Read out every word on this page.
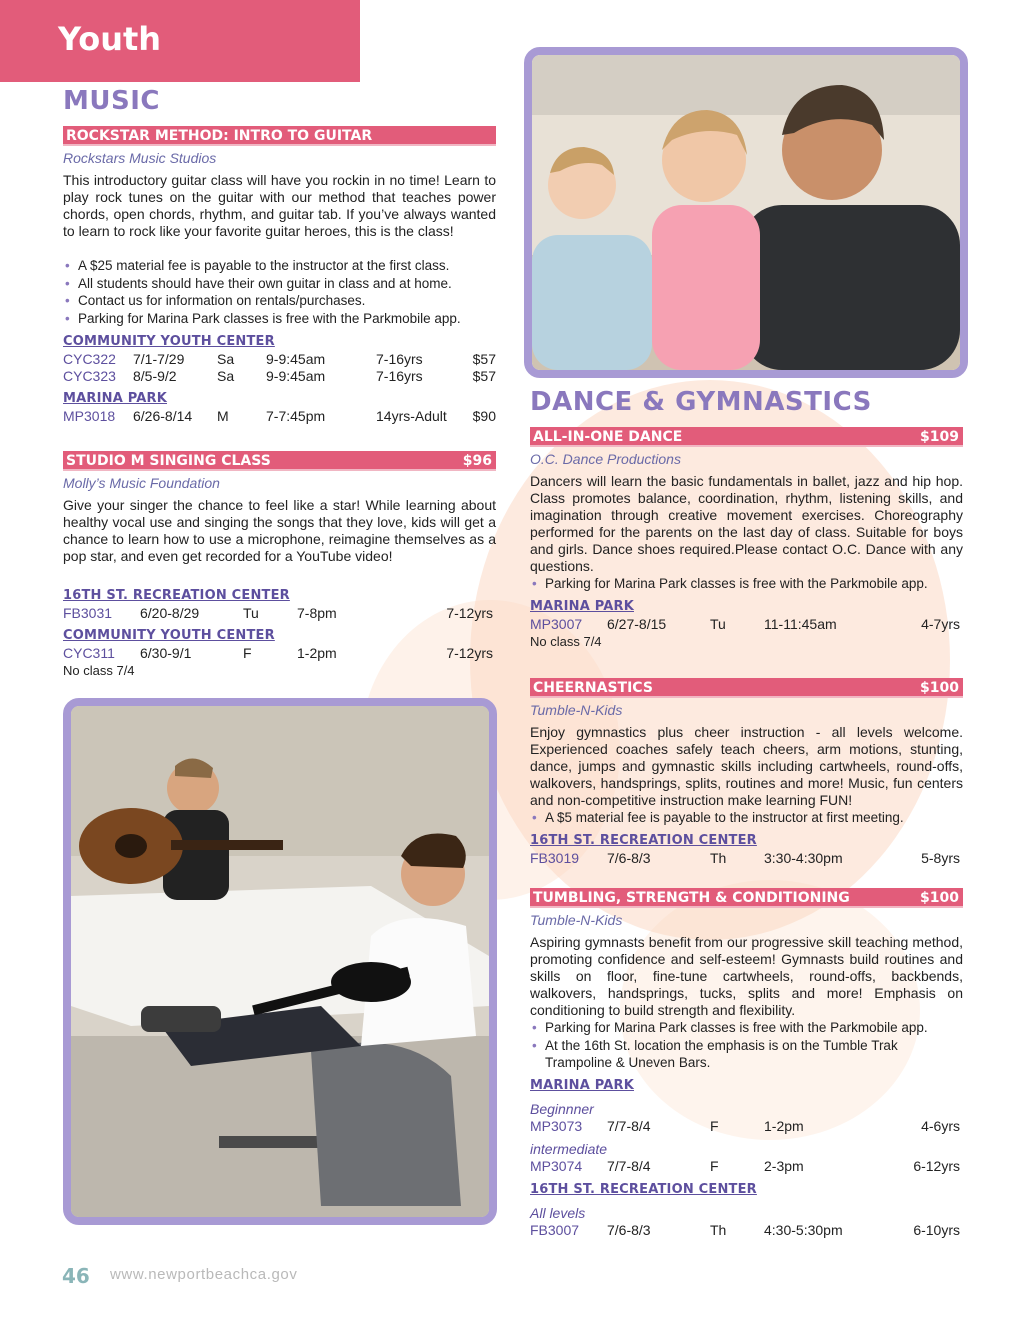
Youth
MUSIC
ROCKSTAR METHOD: INTRO TO GUITAR
Rockstars Music Studios
This introductory guitar class will have you rockin in no time! Learn to play rock tunes on the guitar with our method that teaches power chords, open chords, rhythm, and guitar tab. If you’ve always wanted to learn to rock like your favorite guitar heroes, this is the class!
• A $25 material fee is payable to the instructor at the first class.
• All students should have their own guitar in class and at home.
• Contact us for information on rentals/purchases.
• Parking for Marina Park classes is free with the Parkmobile app.
COMMUNITY YOUTH CENTER
CYC322 7/1-7/29 Sa 9-9:45am	7-16yrs	$57
CYC323 8/5-9/2	Sa 9-9:45am	7-16yrs	$57
MARINA PARK
MP3018 6/26-8/14 M	7-7:45pm	14yrs-Adult $90
STUDIO M SINGING CLASS	$96
Molly’s Music Foundation
Give your singer the chance to feel like a star! While learning about healthy vocal use and singing the songs that they love, kids will get a chance to learn how to use a microphone, reimagine themselves as a pop star, and even get recorded for a YouTube video!
16TH ST. RECREATION CENTER
FB3031 6/20-8/29	Tu	7-8pm	7-12yrs
COMMUNITY YOUTH CENTER
CYC311 6/30-9/1	F	1-2pm	7-12yrs
No class 7/4
DANCE & GYMNASTICS
ALL-IN-ONE DANCE	$109
O.C. Dance Productions
Dancers will learn the basic fundamentals in ballet, jazz and hip hop. Class promotes balance, coordination, rhythm, listening skills, and imagination through creative movement exercises. Choreography performed for the parents on the last day of class. Suitable for boys and girls. Dance shoes required.Please contact O.C. Dance with any questions.
• Parking for Marina Park classes is free with the Parkmobile app.
MARINA PARK
MP3007 6/27-8/15	Tu	11-11:45am	4-7yrs
No class 7/4
CHEERNASTICS	$100
Tumble-N-Kids
Enjoy gymnastics plus cheer instruction - all levels welcome. Experienced coaches safely teach cheers, arm motions, stunting, dance, jumps and gymnastic skills including cartwheels, round-offs, walkovers, handsprings, splits, routines and more! Music, fun centers and non-competitive instruction make learning FUN!
• A $5 material fee is payable to the instructor at first meeting.
16TH ST. RECREATION CENTER
FB3019 7/6-8/3	Th	3:30-4:30pm	5-8yrs
TUMBLING, STRENGTH & CONDITIONING	$100
Tumble-N-Kids
Aspiring gymnasts benefit from our progressive skill teaching method, promoting confidence and self-esteem! Gymnasts build routines and skills on floor, fine-tune cartwheels, round-offs, backbends, walkovers, handsprings, tucks, splits and more! Emphasis on conditioning to build strength and flexibility.
• Parking for Marina Park classes is free with the Parkmobile app.
• At the 16th St. location the emphasis is on the Tumble Trak Trampoline & Uneven Bars.
MARINA PARK
Beginnner
MP3073 7/7-8/4	F	1-2pm	4-6yrs
intermediate
MP3074 7/7-8/4	F	2-3pm	6-12yrs
16TH ST. RECREATION CENTER
All levels
FB3007 7/6-8/3	Th	4:30-5:30pm	6-10yrs
46 www.newportbeachca.gov
